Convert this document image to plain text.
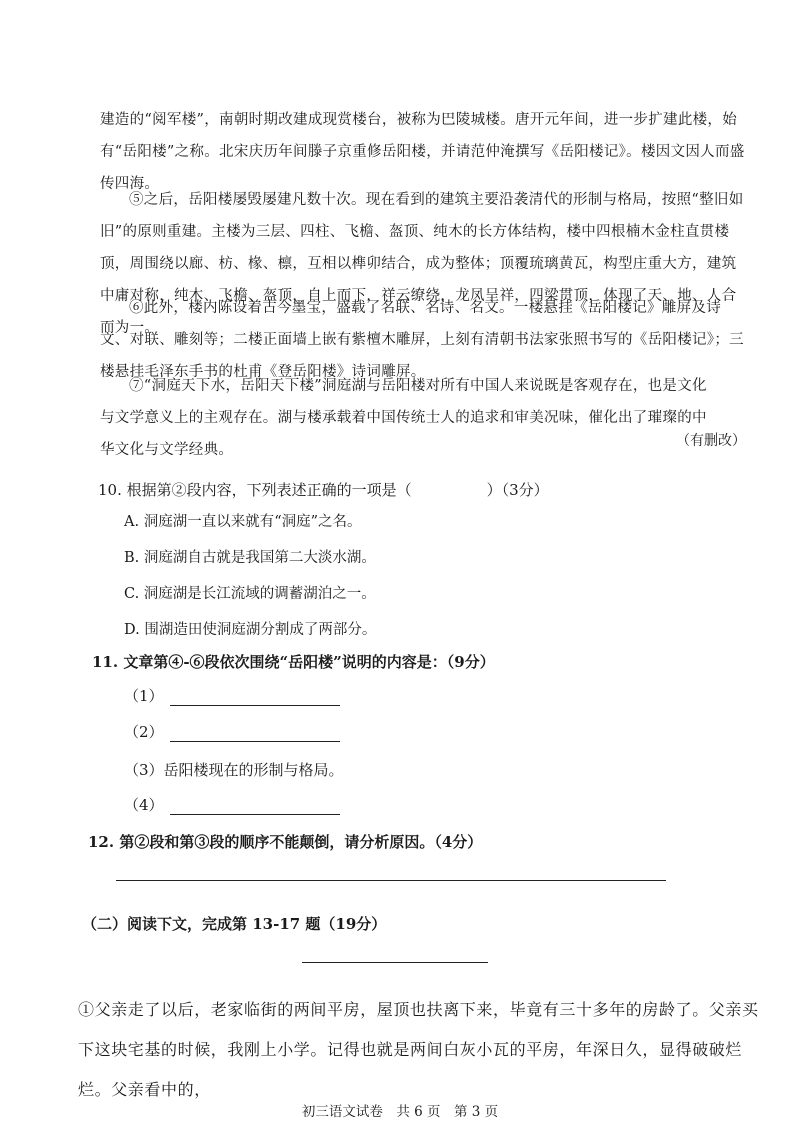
建造的“阅军楼”，南朝时期改建成现赏楼台，被称为巴陵城楼。唐开元年间，进一步扩建此楼，始有“岳阳楼”之称。北宋庆历年间滕子京重修岳阳楼，并请范仲淹撰写《岳阳楼记》。楼因文因人而盛传四海。

⑤之后，岳阳楼屡毁屡建凡数十次。现在看到的建筑主要沿袭清代的形制与格局，按照“整旧如旧”的原则重建。主楼为三层、四柱、飞檐、盔顶、纯木的长方体结构，楼中四根楠木金柱直贯楼顶，周围绕以廊、枋、椽、檩，互相以榫卯结合，成为整体；顶覆琉璃黄瓦，构型庄重大方，建筑中庸对称，纯木、飞檐、盔顶，自上而下，祥云缭绕，龙凤呈祥，四梁贯顶，体现了天、地、人合而为一。

⑥此外，楼内陈设着古今墨宝，盛载了名联、名诗、名文。一楼悬挂《岳阳楼记》雕屏及诗文、对联、雕刻等；二楼正面墙上嵌有紫檀木雕屏，上刻有清朝书法家张照书写的《岳阳楼记》；三楼悬挂毛泽东手书的杜甫《登岳阳楼》诗词雕屏。

⑦“洞庭天下水，岳阳天下楼”洞庭湖与岳阳楼对所有中国人来说既是客观存在，也是文化与文学意义上的主观存在。湖与楼承载着中国传统士人的追求和审美况味，催化出了璀璨的中华文化与文学经典。

（有删改）

10. 根据第②段内容，下列表述正确的一项是（　　　　　）（3分）

A. 洞庭湖一直以来就有“洞庭”之名。
B. 洞庭湖自古就是我国第二大淡水湖。
C. 洞庭湖是长江流域的调蓄湖泊之一。
D. 围湖造田使洞庭湖分割成了两部分。

11. 文章第④-⑥段依次围绕“岳阳楼”说明的内容是：（9分）

（1）
（2）
（3）岳阳楼现在的形制与格局。
（4）

12. 第②段和第③段的顺序不能颠倒，请分析原因。（4分）

（二）阅读下文，完成第 13-17 题（19分）

①父亲走了以后，老家临街的两间平房，屋顶也扶离下来，毕竟有三十多年的房龄了。父亲买下这块宅基的时候，我刚上小学。记得也就是两间白灰小瓦的平房，年深日久，显得破破烂烂。父亲看中的，

初三语文试卷　共 6 页　第 3 页
